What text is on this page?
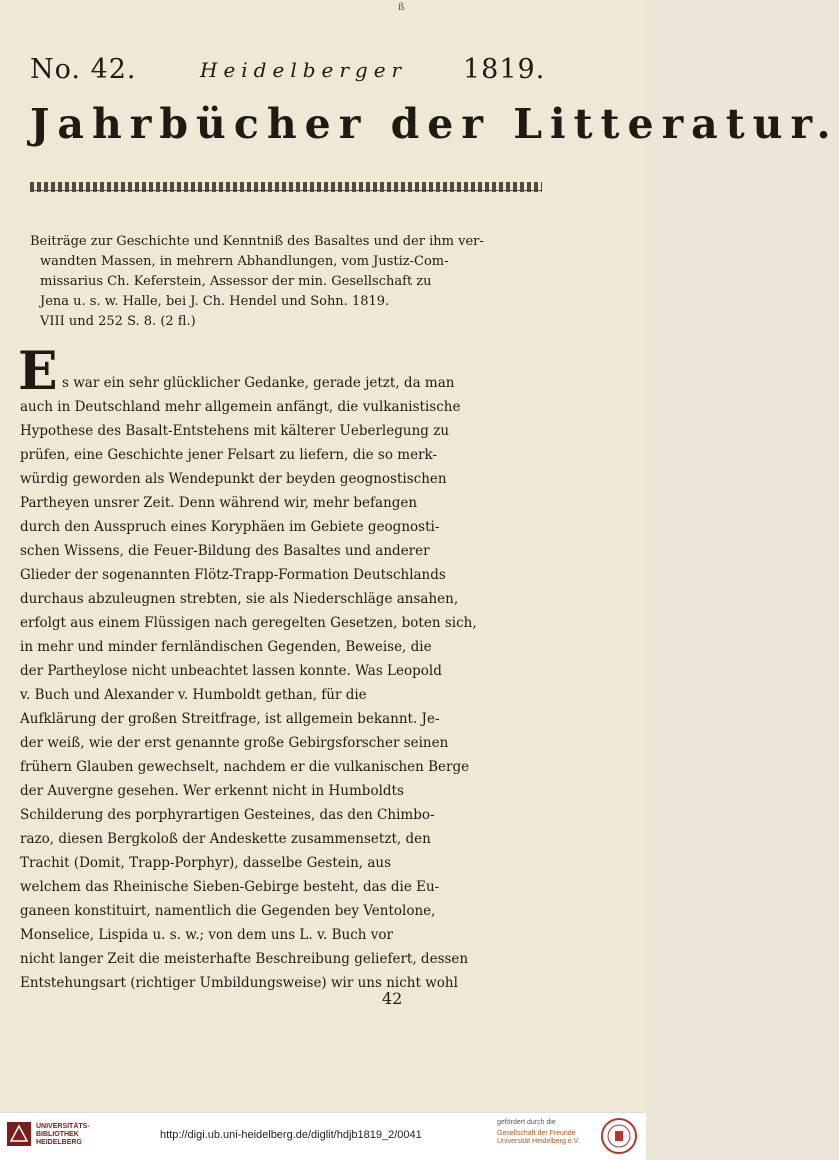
ß
No. 42.	Heidelberger 1819.
Jahrbücher der Litteratur.
Beiträge zur Geschichte und Kenntniß des Basaltes und der ihm ver-
wandten Massen, in mehrern Abhandlungen, vom Justiz-Com-
missarius Ch. Keferstein, Assessor der min. Gesellschaft zu
Jena u. s. w. Halle, bei J. Ch. Hendel und Sohn. 1819.
VIII und 252 S. 8. (2 fl.)
E s war ein sehr glücklicher Gedanke, gerade jetzt, da man
auch in Deutschland mehr allgemein anfängt, die vulkanistische
Hypothese des Basalt-Entstehens mit kälterer Ueberlegung zu
prüfen, eine Geschichte jener Felsart zu liefern, die so merk-
würdig geworden als Wendepunkt der beyden geognostischen
Partheyen unsrer Zeit. Denn während wir, mehr befangen
durch den Ausspruch eines Koryphäen im Gebiete geognosti-
schen Wissens, die Feuer-Bildung des Basaltes und anderer
Glieder der sogenannten Flötz-Trapp-Formation Deutschlands
durchaus abzuleugnen strebten, sie als Niederschläge ansahen,
erfolgt aus einem Flüssigen nach geregelten Gesetzen, boten sich,
in mehr und minder fernländischen Gegenden, Beweise, die
der Partheylose nicht unbeachtet lassen konnte. Was Leopold
v. Buch und Alexander v. Humboldt gethan, für die
Aufklärung der großen Streitfrage, ist allgemein bekannt. Je-
der weiß, wie der erst genannte große Gebirgsforscher seinen
frühern Glauben gewechselt, nachdem er die vulkanischen Berge
der Auvergne gesehen. Wer erkennt nicht in Humboldts
Schilderung des porphyrartigen Gesteines, das den Chimbo-
razo, diesen Bergkoloß der Andeskette zusammensetzt, den
Trachit (Domit, Trapp-Porphyr), dasselbe Gestein, aus
welchem das Rheinische Sieben-Gebirge besteht, das die Eu-
ganeen konstituirt, namentlich die Gegenden bey Ventolone,
Monselice, Lispida u. s. w.; von dem uns L. v. Buch vor
nicht langer Zeit die meisterhafte Beschreibung geliefert, dessen
Entstehungsart (richtiger Umbildungsweise) wir uns nicht wohl
42
UNIVERSITÄTS-
BIBLIOTHEK
HEIDELBERG
http://digi.ub.uni-heidelberg.de/diglit/hdjb1819_2/0041
gefördert durch die
Gesellschaft der Freunde
Universität Heidelberg e.V.
